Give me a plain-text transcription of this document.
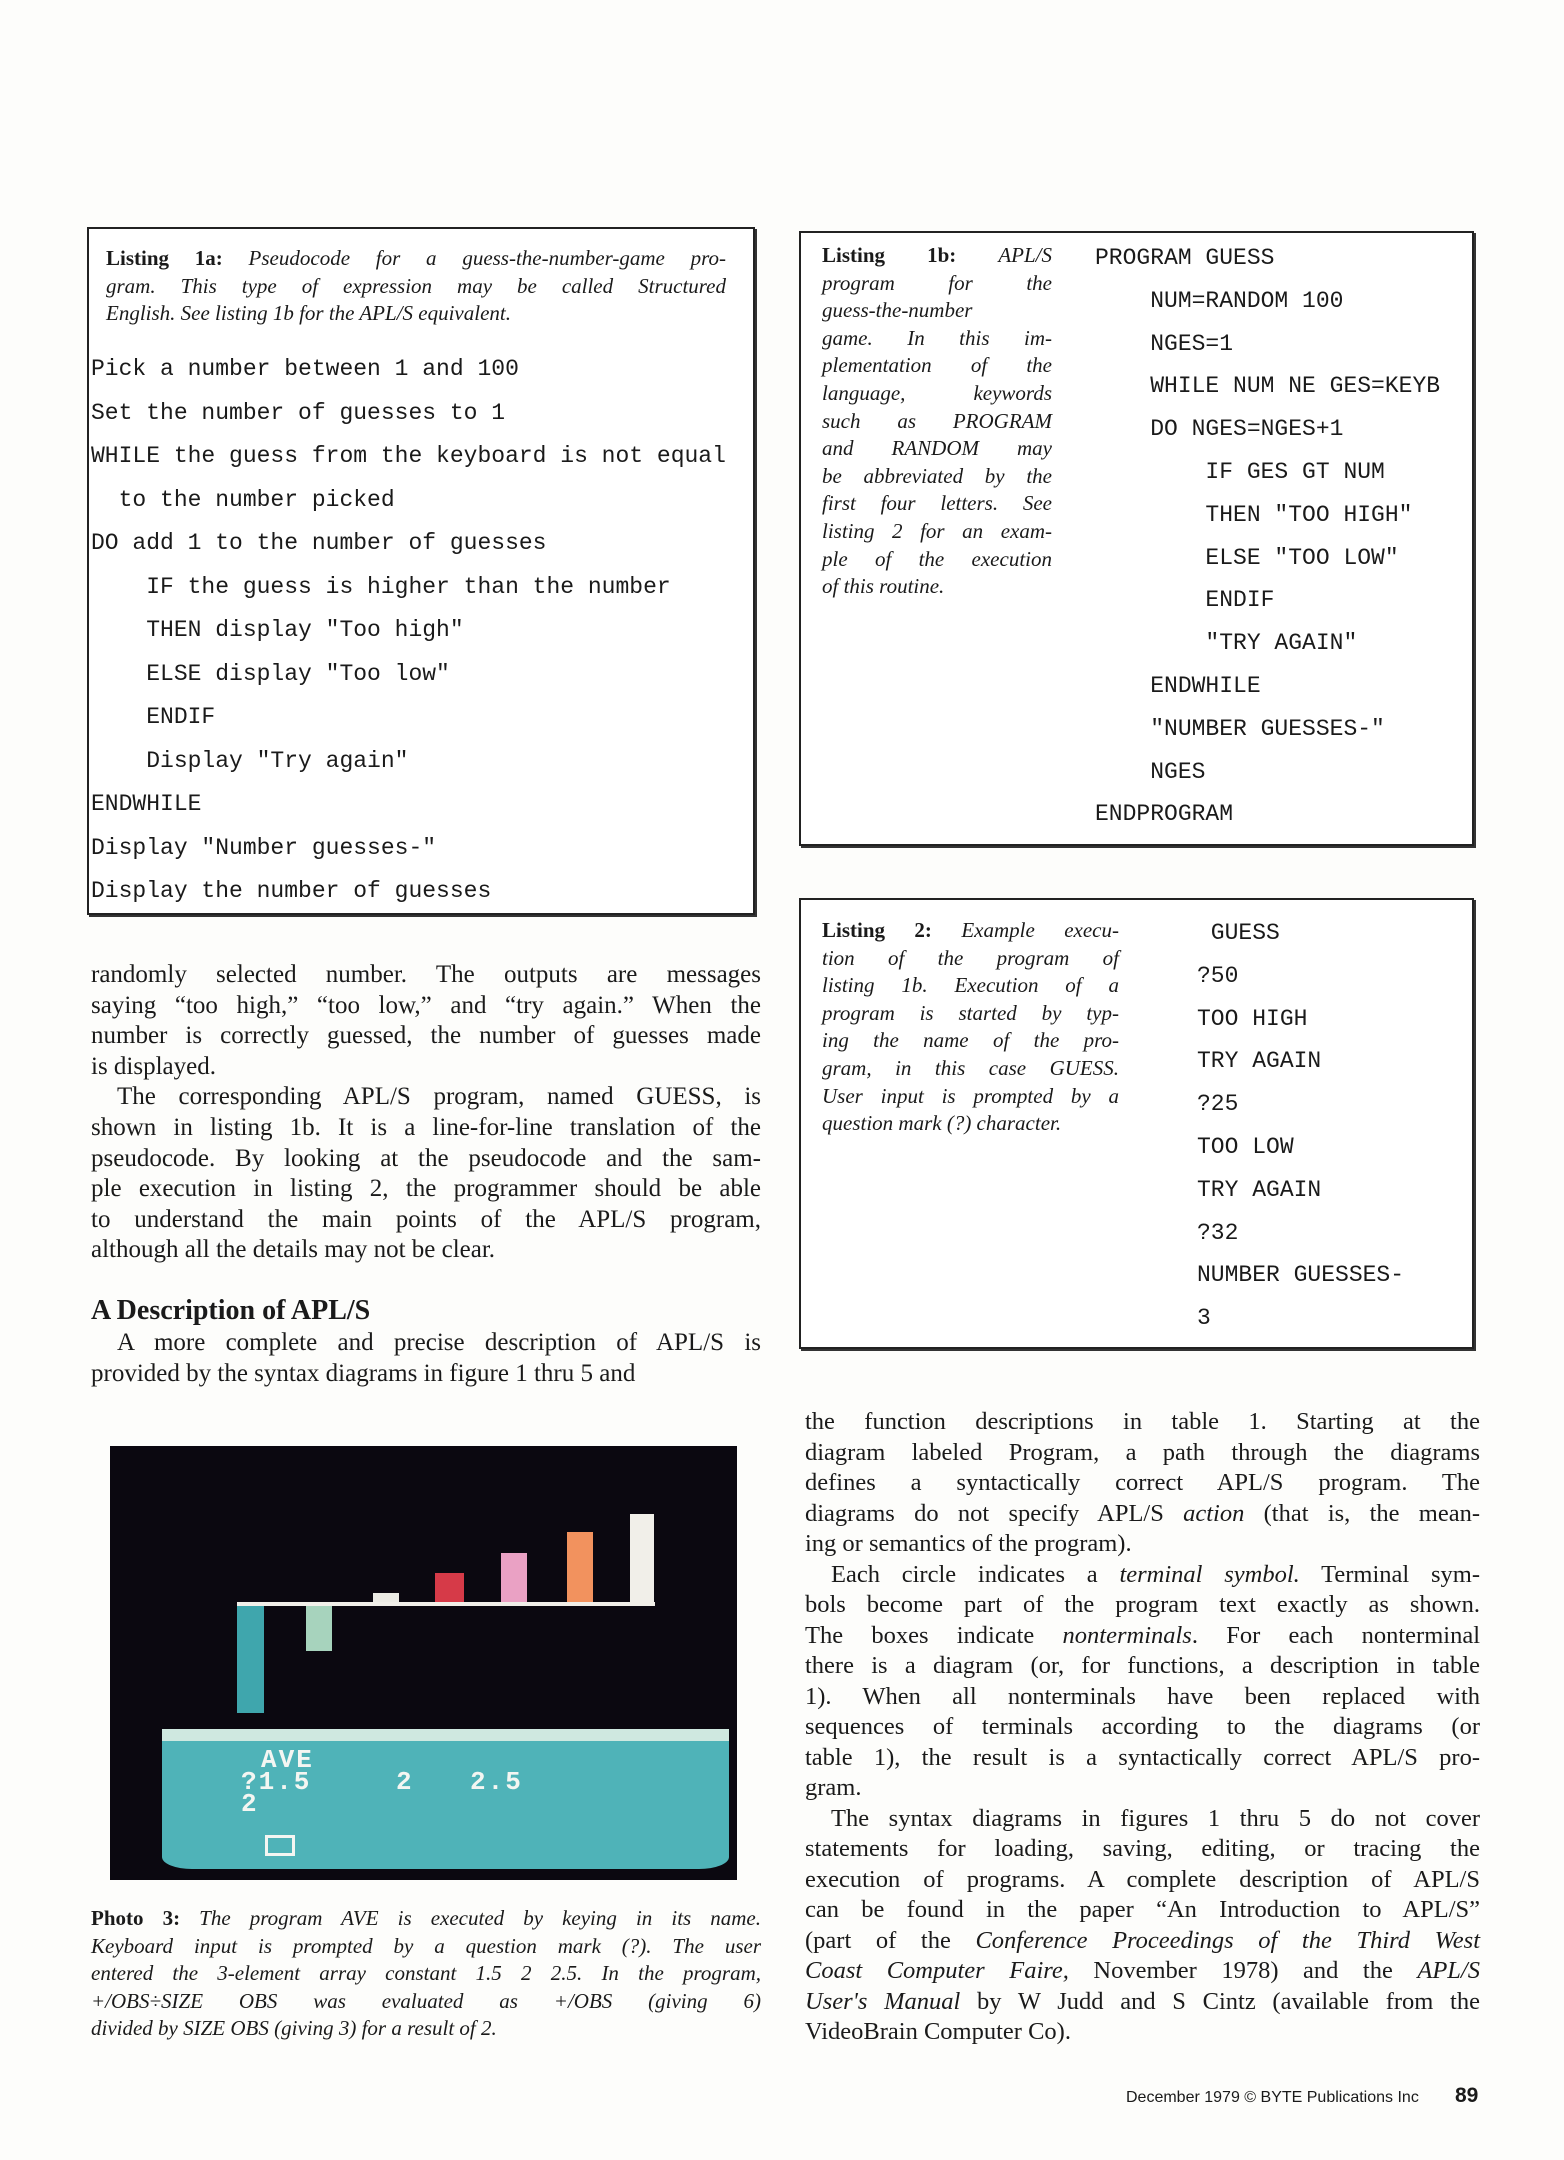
Listing 1a: Pseudocode for a guess-the-number-game pro-
gram. This type of expression may be called Structured
English. See listing 1b for the APL/S equivalent.
Pick a number between 1 and 100
Set the number of guesses to 1
WHILE the guess from the keyboard is not equal
to the number picked
DO add 1 to the number of guesses
IF the guess is higher than the number
THEN display "Too high"
ELSE display "Too low"
ENDIF
Display "Try again"
ENDWHILE
Display "Number guesses-"
Display the number of guesses
Listing 1b: APL/S
program for the
guess-the-number
game. In this im-
plementation of the
language, keywords
such as PROGRAM
and RANDOM may
be abbreviated by the
first four letters. See
listing 2 for an exam-
ple of the execution
of this routine.
PROGRAM GUESS
NUM=RANDOM 100
NGES=1
WHILE NUM NE GES=KEYB
DO NGES=NGES+1
IF GES GT NUM
THEN "TOO HIGH"
ELSE "TOO LOW"
ENDIF
"TRY AGAIN"
ENDWHILE
"NUMBER GUESSES-"
NGES
ENDPROGRAM
Listing 2: Example execu-
tion of the program of
listing 1b. Execution of a
program is started by typ-
ing the name of the pro-
gram, in this case GUESS.
User input is prompted by a
question mark (?) character.
GUESS
?50
TOO HIGH
TRY AGAIN
?25
TOO LOW
TRY AGAIN
?32
NUMBER GUESSES-
3
randomly selected number. The outputs are messages
saying “too high,” “too low,” and “try again.” When the
number is correctly guessed, the number of guesses made
is displayed.
The corresponding APL/S program, named GUESS, is
shown in listing 1b. It is a line-for-line translation of the
pseudocode. By looking at the pseudocode and the sam-
ple execution in listing 2, the programmer should be able
to understand the main points of the APL/S program,
although all the details may not be clear.
A Description of APL/S
A more complete and precise description of APL/S is
provided by the syntax diagrams in figure 1 thru 5 and
AVE
?1.5	2 2.5
2
Photo 3: The program AVE is executed by keying in its name.
Keyboard input is prompted by a question mark (?). The user
entered the 3-element array constant 1.5 2 2.5. In the program,
+/OBS÷SIZE OBS was evaluated as +/OBS (giving 6)
divided by SIZE OBS (giving 3) for a result of 2.
the function descriptions in table 1. Starting at the
diagram labeled Program, a path through the diagrams
defines a syntactically correct APL/S program. The
diagrams do not specify APL/S action (that is, the mean-
ing or semantics of the program).
Each circle indicates a terminal symbol. Terminal sym-
bols become part of the program text exactly as shown.
The boxes indicate nonterminals. For each nonterminal
there is a diagram (or, for functions, a description in table
1). When all nonterminals have been replaced with
sequences of terminals according to the diagrams (or
table 1), the result is a syntactically correct APL/S pro-
gram.
The syntax diagrams in figures 1 thru 5 do not cover
statements for loading, saving, editing, or tracing the
execution of programs. A complete description of APL/S
can be found in the paper “An Introduction to APL/S”
(part of the Conference Proceedings of the Third West
Coast Computer Faire, November 1978) and the APL/S
User's Manual by W Judd and S Cintz (available from the
VideoBrain Computer Co).
December 1979 © BYTE Publications Inc 89
